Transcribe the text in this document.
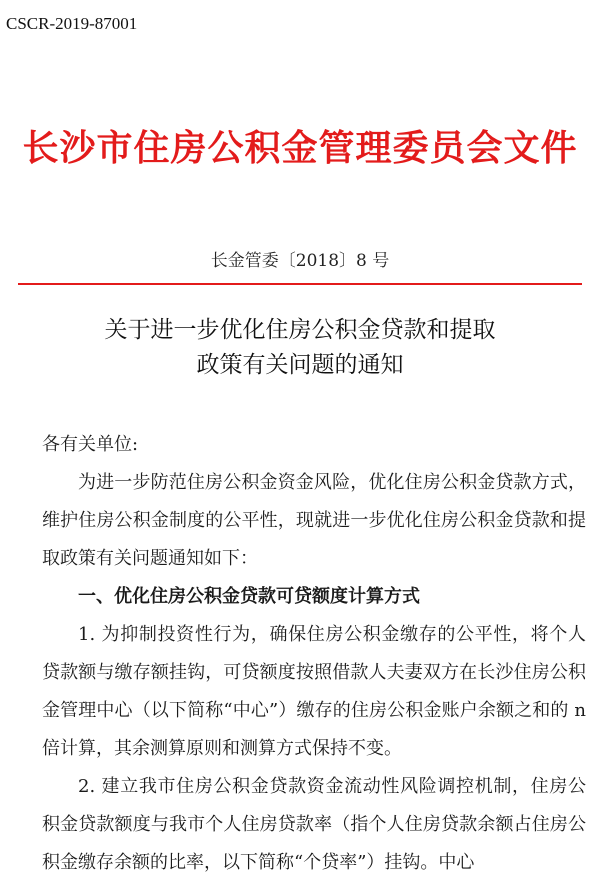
CSCR-2019-87001
长沙市住房公积金管理委员会文件
长金管委〔2018〕8 号
关于进一步优化住房公积金贷款和提取
政策有关问题的通知

各有关单位:

为进一步防范住房公积金资金风险，优化住房公积金贷款方式，维护住房公积金制度的公平性，现就进一步优化住房公积金贷款和提取政策有关问题通知如下：

一、优化住房公积金贷款可贷额度计算方式

1. 为抑制投资性行为，确保住房公积金缴存的公平性，将个人贷款额与缴存额挂钩，可贷额度按照借款人夫妻双方在长沙住房公积金管理中心（以下简称“中心”）缴存的住房公积金账户余额之和的 n 倍计算，其余测算原则和测算方式保持不变。

2. 建立我市住房公积金贷款资金流动性风险调控机制，住房公积金贷款额度与我市个人住房贷款率（指个人住房贷款余额占住房公积金缴存余额的比率，以下简称“个贷率”）挂钩。中心
